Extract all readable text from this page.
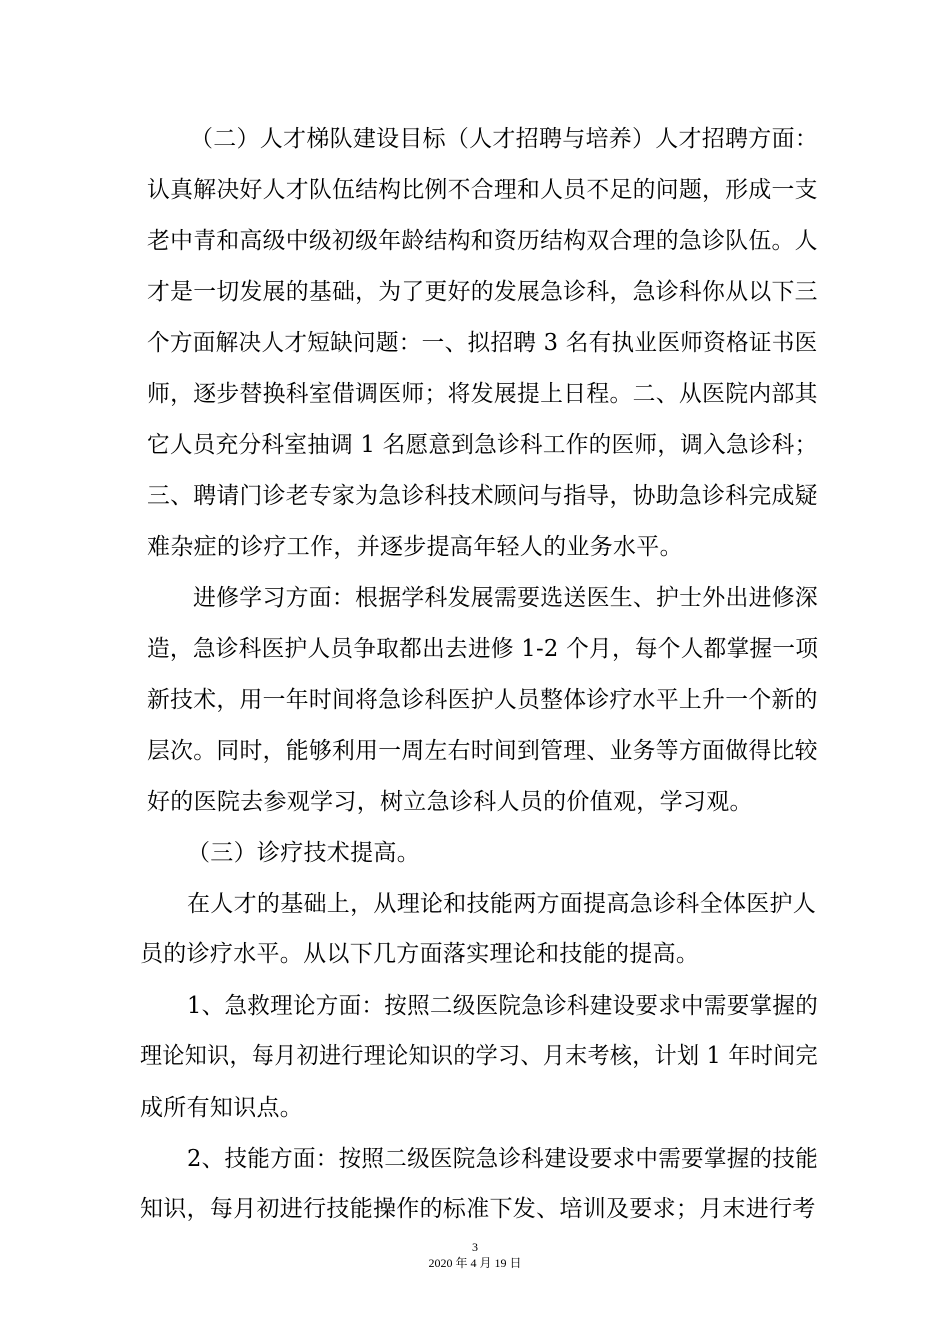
（二）人才梯队建设目标（人才招聘与培养）人才招聘方面：

认真解决好人才队伍结构比例不合理和人员不足的问题，形成一支

老中青和高级中级初级年龄结构和资历结构双合理的急诊队伍。人

才是一切发展的基础，为了更好的发展急诊科，急诊科你从以下三

个方面解决人才短缺问题：一、拟招聘 3 名有执业医师资格证书医

师，逐步替换科室借调医师；将发展提上日程。二、从医院内部其

它人员充分科室抽调 1 名愿意到急诊科工作的医师，调入急诊科；

三、聘请门诊老专家为急诊科技术顾问与指导，协助急诊科完成疑

难杂症的诊疗工作，并逐步提高年轻人的业务水平。

进修学习方面：根据学科发展需要选送医生、护士外出进修深

造，急诊科医护人员争取都出去进修 1-2 个月，每个人都掌握一项

新技术，用一年时间将急诊科医护人员整体诊疗水平上升一个新的

层次。同时，能够利用一周左右时间到管理、业务等方面做得比较

好的医院去参观学习，树立急诊科人员的价值观，学习观。

（三）诊疗技术提高。

在人才的基础上，从理论和技能两方面提高急诊科全体医护人

员的诊疗水平。从以下几方面落实理论和技能的提高。

1、急救理论方面：按照二级医院急诊科建设要求中需要掌握的

理论知识，每月初进行理论知识的学习、月末考核，计划 1 年时间完

成所有知识点。

2、技能方面：按照二级医院急诊科建设要求中需要掌握的技能

知识，每月初进行技能操作的标准下发、培训及要求；月末进行考

3
2020 年 4 月 19 日
